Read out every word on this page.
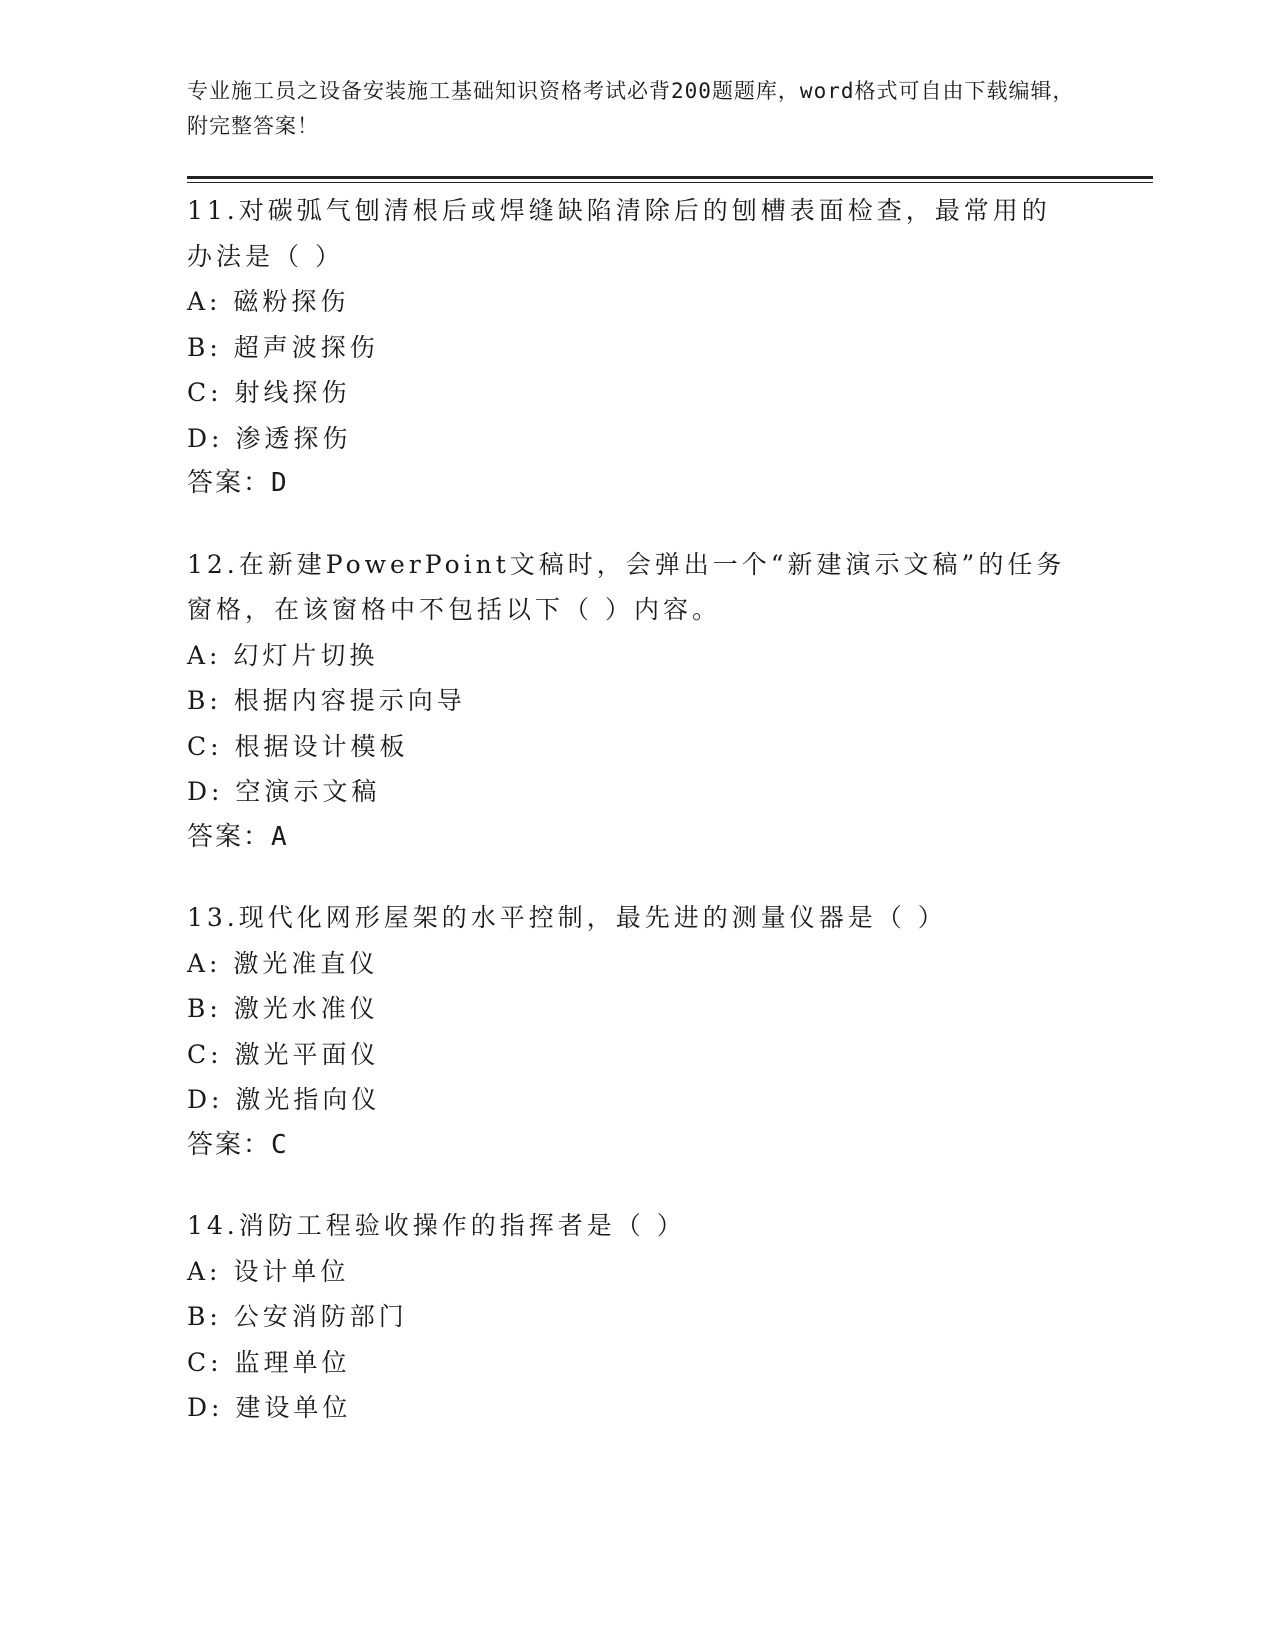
专业施工员之设备安装施工基础知识资格考试必背200题题库，word格式可自由下载编辑，附完整答案！
11.对碳弧气刨清根后或焊缝缺陷清除后的刨槽表面检查，最常用的办法是（ ）
A: 磁粉探伤
B: 超声波探伤
C: 射线探伤
D: 渗透探伤
答案：D
12.在新建PowerPoint文稿时，会弹出一个“新建演示文稿”的任务窗格，在该窗格中不包括以下（ ）内容。
A: 幻灯片切换
B: 根据内容提示向导
C: 根据设计模板
D: 空演示文稿
答案：A
13.现代化网形屋架的水平控制，最先进的测量仪器是（ ）
A: 激光准直仪
B: 激光水准仪
C: 激光平面仪
D: 激光指向仪
答案：C
14.消防工程验收操作的指挥者是（ ）
A: 设计单位
B: 公安消防部门
C: 监理单位
D: 建设单位
